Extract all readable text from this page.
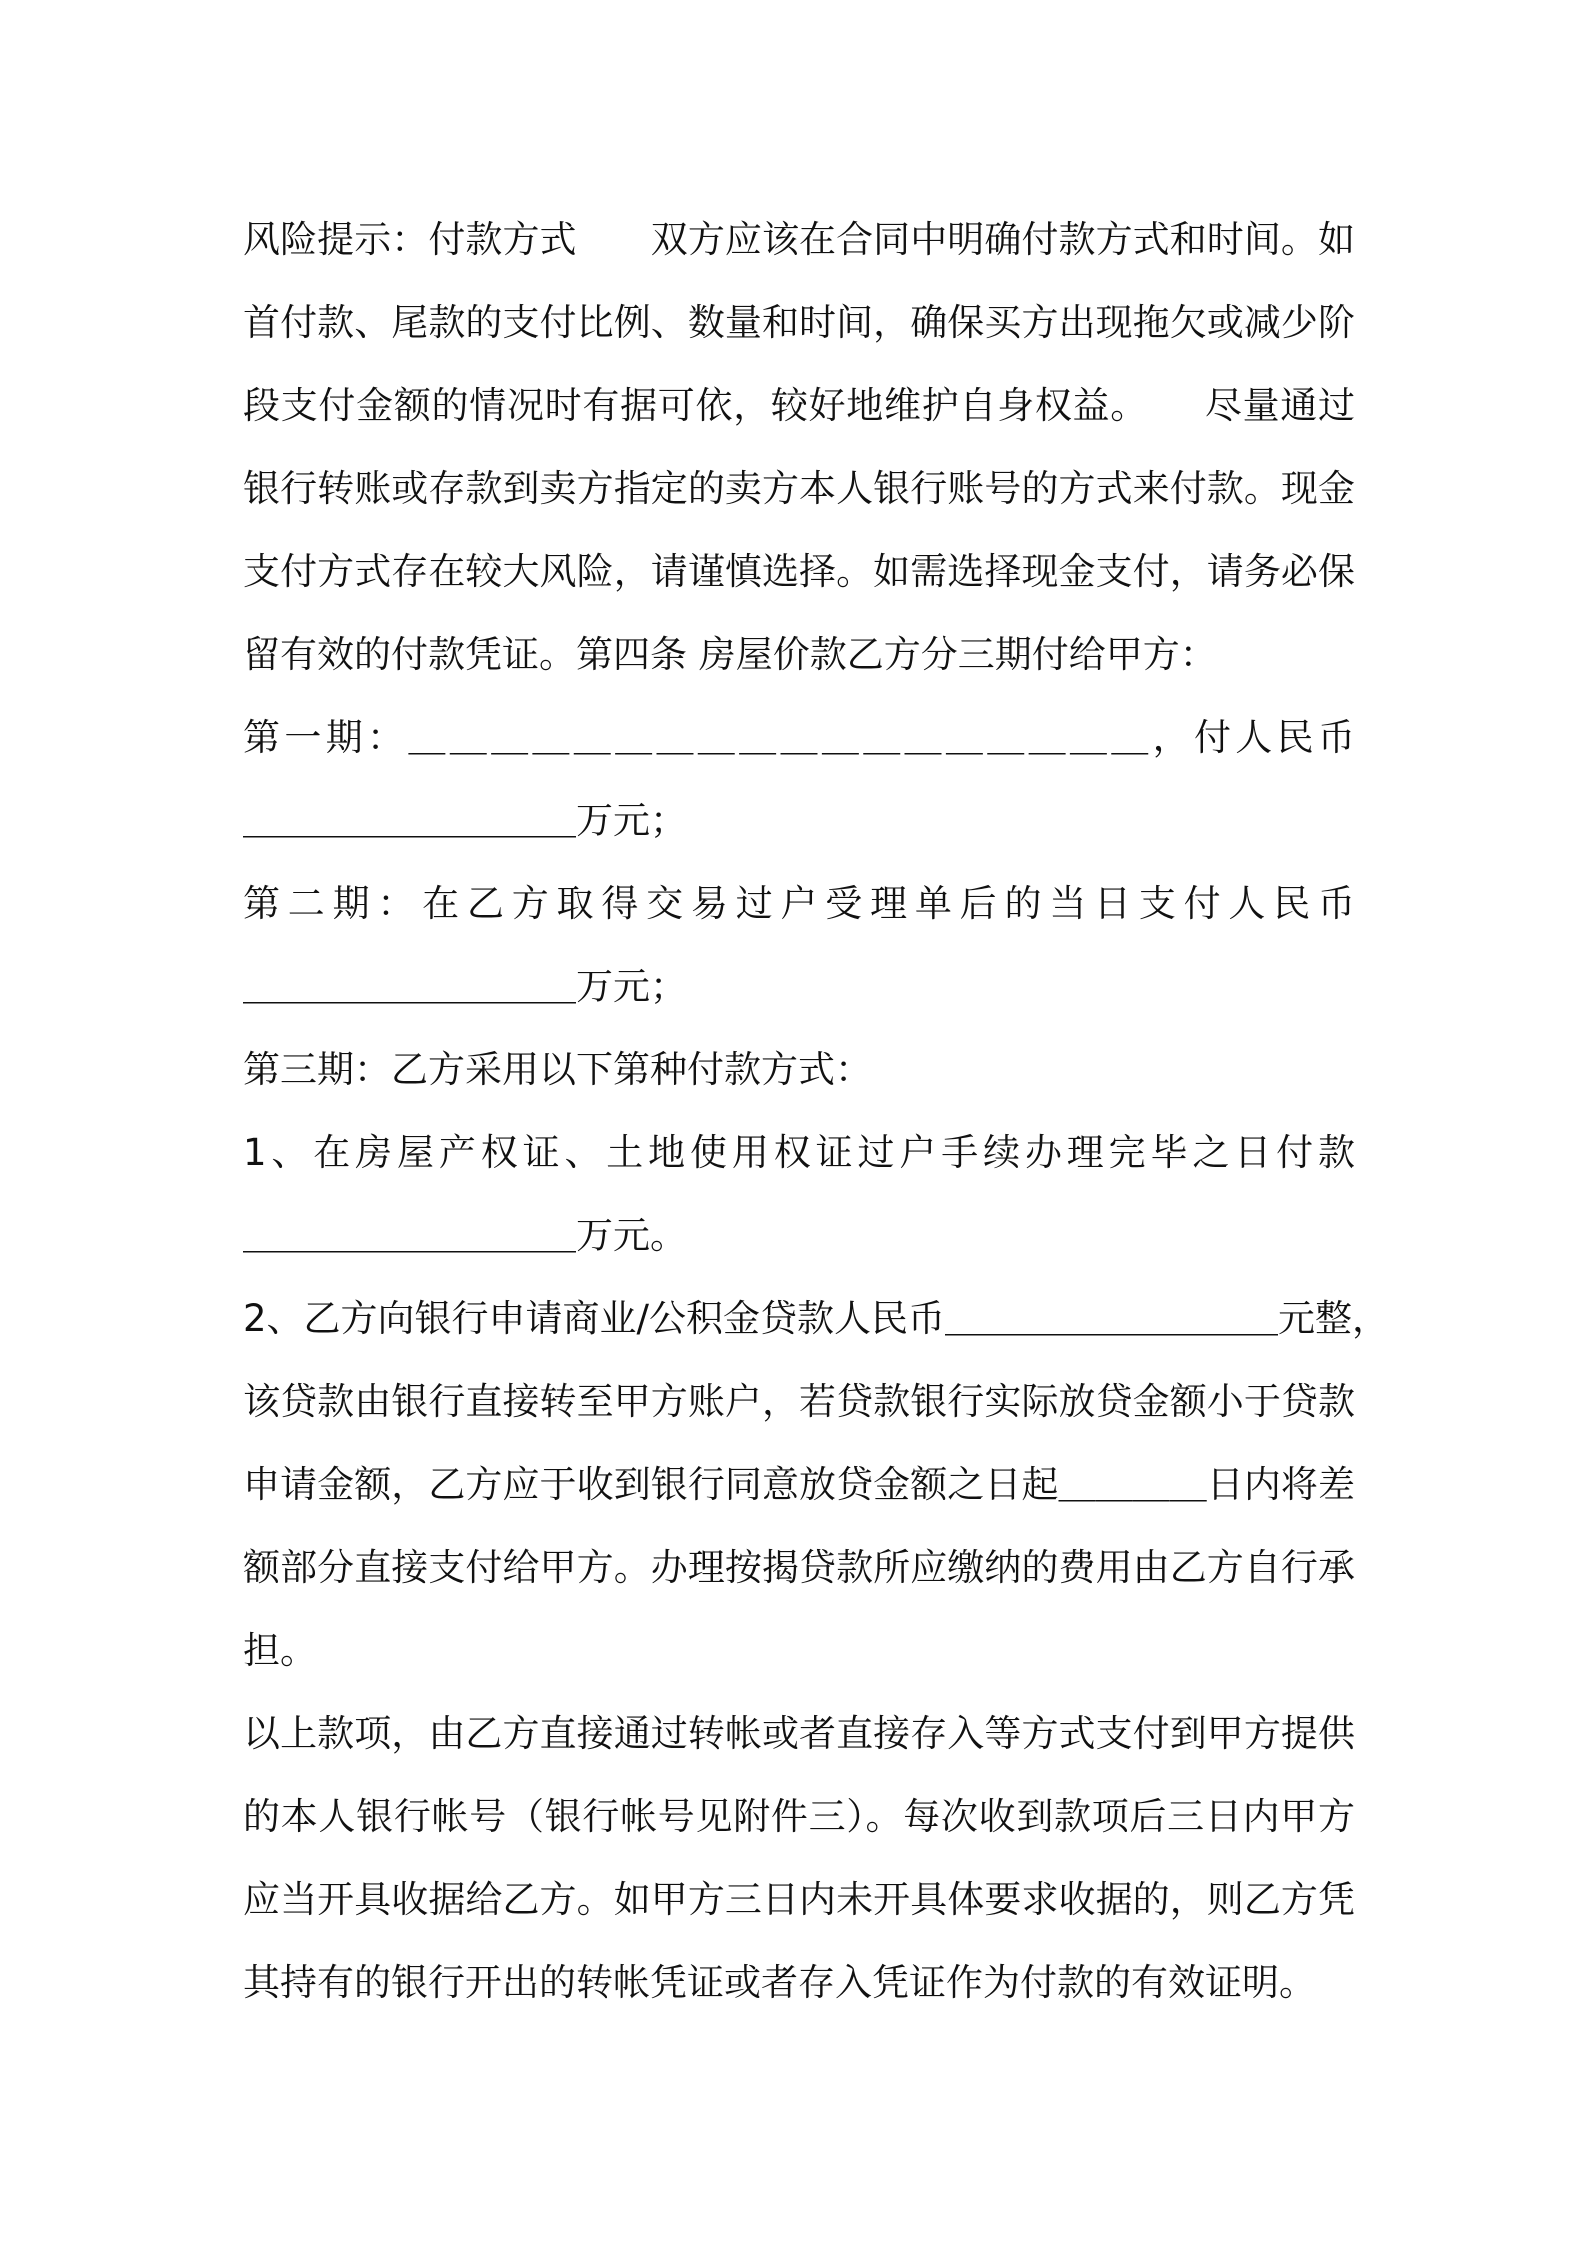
风险提示：付款方式　　双方应该在合同中明确付款方式和时间。如
首付款、尾款的支付比例、数量和时间，确保买方出现拖欠或减少阶
段支付金额的情况时有据可依，较好地维护自身权益。　　尽量通过
银行转账或存款到卖方指定的卖方本人银行账号的方式来付款。现金
支付方式存在较大风险，请谨慎选择。如需选择现金支付，请务必保
留有效的付款凭证。第四条 房屋价款乙方分三期付给甲方：
第一期：＿＿＿＿＿＿＿＿＿＿＿＿＿＿＿＿＿＿，付人民币
＿＿＿＿＿＿＿＿＿万元；
第二期：在乙方取得交易过户受理单后的当日支付人民币
＿＿＿＿＿＿＿＿＿万元；
第三期：乙方采用以下第种付款方式：
1、在房屋产权证、土地使用权证过户手续办理完毕之日付款
＿＿＿＿＿＿＿＿＿万元。
2、乙方向银行申请商业/公积金贷款人民币＿＿＿＿＿＿＿＿＿元整，
该贷款由银行直接转至甲方账户，若贷款银行实际放贷金额小于贷款
申请金额，乙方应于收到银行同意放贷金额之日起＿＿＿＿日内将差
额部分直接支付给甲方。办理按揭贷款所应缴纳的费用由乙方自行承
担。
以上款项，由乙方直接通过转帐或者直接存入等方式支付到甲方提供
的本人银行帐号（银行帐号见附件三）。每次收到款项后三日内甲方
应当开具收据给乙方。如甲方三日内未开具体要求收据的，则乙方凭
其持有的银行开出的转帐凭证或者存入凭证作为付款的有效证明。
